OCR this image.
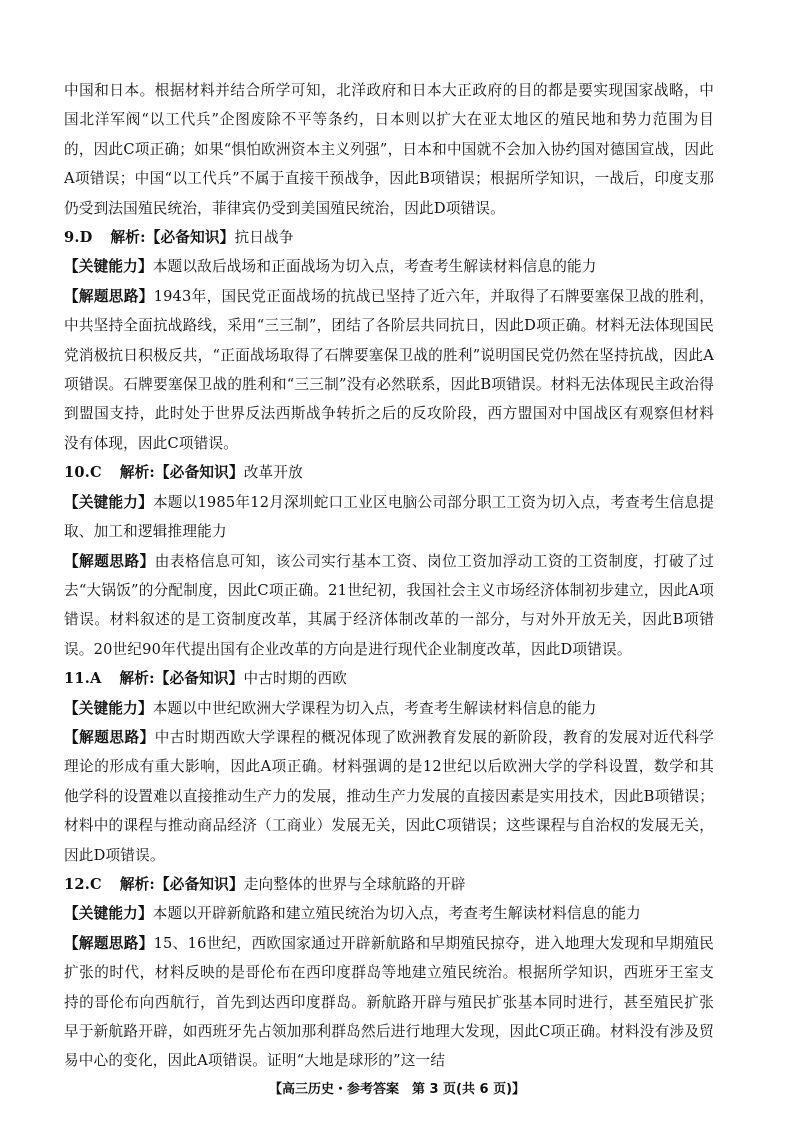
中国和日本。根据材料并结合所学可知，北洋政府和日本大正政府的目的都是要实现国家战略，中国北洋军阀“以工代兵”企图废除不平等条约，日本则以扩大在亚太地区的殖民地和势力范围为目的，因此C项正确；如果“惧怕欧洲资本主义列强”，日本和中国就不会加入协约国对德国宣战，因此A项错误；中国“以工代兵”不属于直接干预战争，因此B项错误；根据所学知识，一战后，印度支那仍受到法国殖民统治，菲律宾仍受到美国殖民统治，因此D项错误。

9.D 解析:【必备知识】抗日战争

【关键能力】本题以敌后战场和正面战场为切入点，考查考生解读材料信息的能力

【解题思路】1943年，国民党正面战场的抗战已坚持了近六年，并取得了石牌要塞保卫战的胜利，中共坚持全面抗战路线，采用“三三制”，团结了各阶层共同抗日，因此D项正确。材料无法体现国民党消极抗日积极反共，“正面战场取得了石牌要塞保卫战的胜利”说明国民党仍然在坚持抗战，因此A项错误。石牌要塞保卫战的胜利和“三三制”没有必然联系，因此B项错误。材料无法体现民主政治得到盟国支持，此时处于世界反法西斯战争转折之后的反攻阶段，西方盟国对中国战区有观察但材料没有体现，因此C项错误。

10.C 解析:【必备知识】改革开放

【关键能力】本题以1985年12月深圳蛇口工业区电脑公司部分职工工资为切入点，考查考生信息提取、加工和逻辑推理能力

【解题思路】由表格信息可知，该公司实行基本工资、岗位工资加浮动工资的工资制度，打破了过去“大锅饭”的分配制度，因此C项正确。21世纪初，我国社会主义市场经济体制初步建立，因此A项错误。材料叙述的是工资制度改革，其属于经济体制改革的一部分，与对外开放无关，因此B项错误。20世纪90年代提出国有企业改革的方向是进行现代企业制度改革，因此D项错误。

11.A 解析:【必备知识】中古时期的西欧

【关键能力】本题以中世纪欧洲大学课程为切入点，考查考生解读材料信息的能力

【解题思路】中古时期西欧大学课程的概况体现了欧洲教育发展的新阶段，教育的发展对近代科学理论的形成有重大影响，因此A项正确。材料强调的是12世纪以后欧洲大学的学科设置，数学和其他学科的设置难以直接推动生产力的发展，推动生产力发展的直接因素是实用技术，因此B项错误；材料中的课程与推动商品经济（工商业）发展无关，因此C项错误；这些课程与自治权的发展无关，因此D项错误。

12.C 解析:【必备知识】走向整体的世界与全球航路的开辟

【关键能力】本题以开辟新航路和建立殖民统治为切入点，考查考生解读材料信息的能力

【解题思路】15、16世纪，西欧国家通过开辟新航路和早期殖民掠夺，进入地理大发现和早期殖民扩张的时代，材料反映的是哥伦布在西印度群岛等地建立殖民统治。根据所学知识，西班牙王室支持的哥伦布向西航行，首先到达西印度群岛。新航路开辟与殖民扩张基本同时进行，甚至殖民扩张早于新航路开辟，如西班牙先占领加那利群岛然后进行地理大发现，因此C项正确。材料没有涉及贸易中心的变化，因此A项错误。证明“大地是球形的”这一结

【高三历史・参考答案　第 3 页(共 6 页)】
